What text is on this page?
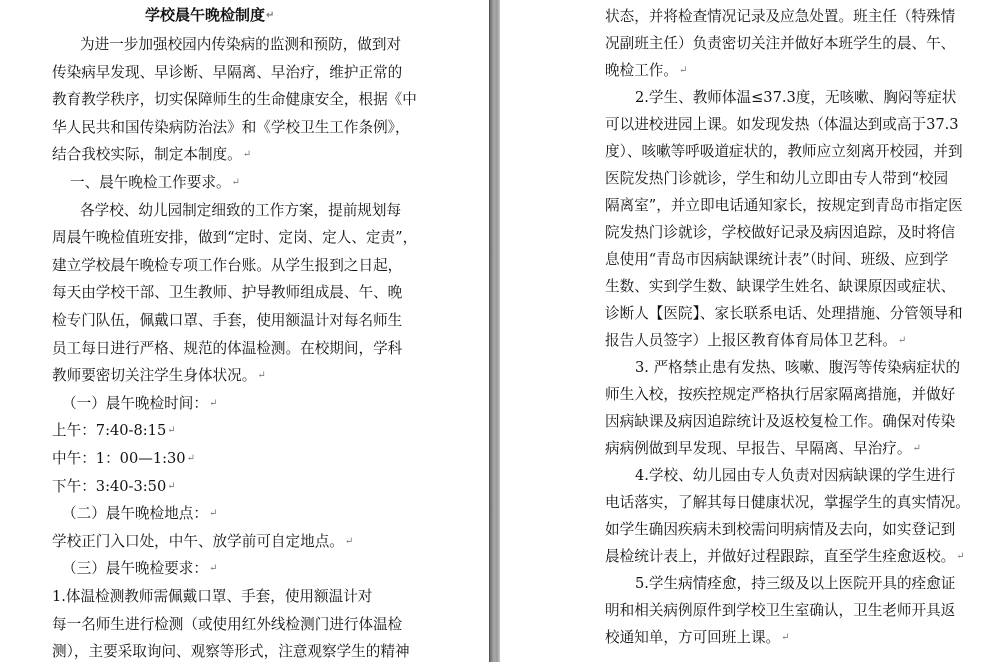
学校晨午晚检制度↵
为进一步加强校园内传染病的监测和预防，做到对
传染病早发现、早诊断、早隔离、早治疗，维护正常的
教育教学秩序，切实保障师生的生命健康安全，根据《中
华人民共和国传染病防治法》和《学校卫生工作条例》，
结合我校实际，制定本制度。↵
一、晨午晚检工作要求。↵
各学校、幼儿园制定细致的工作方案，提前规划每
周晨午晚检值班安排，做到“定时、定岗、定人、定责”，
建立学校晨午晚检专项工作台账。从学生报到之日起，
每天由学校干部、卫生教师、护导教师组成晨、午、晚
检专门队伍，佩戴口罩、手套，使用额温计对每名师生
员工每日进行严格、规范的体温检测。在校期间，学科
教师要密切关注学生身体状况。↵
（一）晨午晚检时间：↵
上午：7:40-8:15↵
中午：1：00—1:30↵
下午：3:40-3:50↵
（二）晨午晚检地点：↵
学校正门入口处，中午、放学前可自定地点。↵
（三）晨午晚检要求：↵
1.体温检测教师需佩戴口罩、手套，使用额温计对
每一名师生进行检测（或使用红外线检测门进行体温检
测），主要采取询问、观察等形式，注意观察学生的精神
状态，并将检查情况记录及应急处置。班主任（特殊情
况副班主任）负责密切关注并做好本班学生的晨、午、
晚检工作。↵
2.学生、教师体温≤37.3度，无咳嗽、胸闷等症状
可以进校进园上课。如发现发热（体温达到或高于37.3
度）、咳嗽等呼吸道症状的，教师应立刻离开校园，并到
医院发热门诊就诊，学生和幼儿立即由专人带到“校园
隔离室”，并立即电话通知家长，按规定到青岛市指定医
院发热门诊就诊，学校做好记录及病因追踪，及时将信
息使用“青岛市因病缺课统计表”（时间、班级、应到学
生数、实到学生数、缺课学生姓名、缺课原因或症状、
诊断人【医院】、家长联系电话、处理措施、分管领导和
报告人员签字）上报区教育体育局体卫艺科。↵
3. 严格禁止患有发热、咳嗽、腹泻等传染病症状的
师生入校，按疾控规定严格执行居家隔离措施，并做好
因病缺课及病因追踪统计及返校复检工作。确保对传染
病病例做到早发现、早报告、早隔离、早治疗。↵
4.学校、幼儿园由专人负责对因病缺课的学生进行
电话落实，了解其每日健康状况，掌握学生的真实情况。
如学生确因疾病未到校需问明病情及去向，如实登记到
晨检统计表上，并做好过程跟踪，直至学生痊愈返校。↵
5.学生病情痊愈，持三级及以上医院开具的痊愈证
明和相关病例原件到学校卫生室确认，卫生老师开具返
校通知单，方可回班上课。↵
